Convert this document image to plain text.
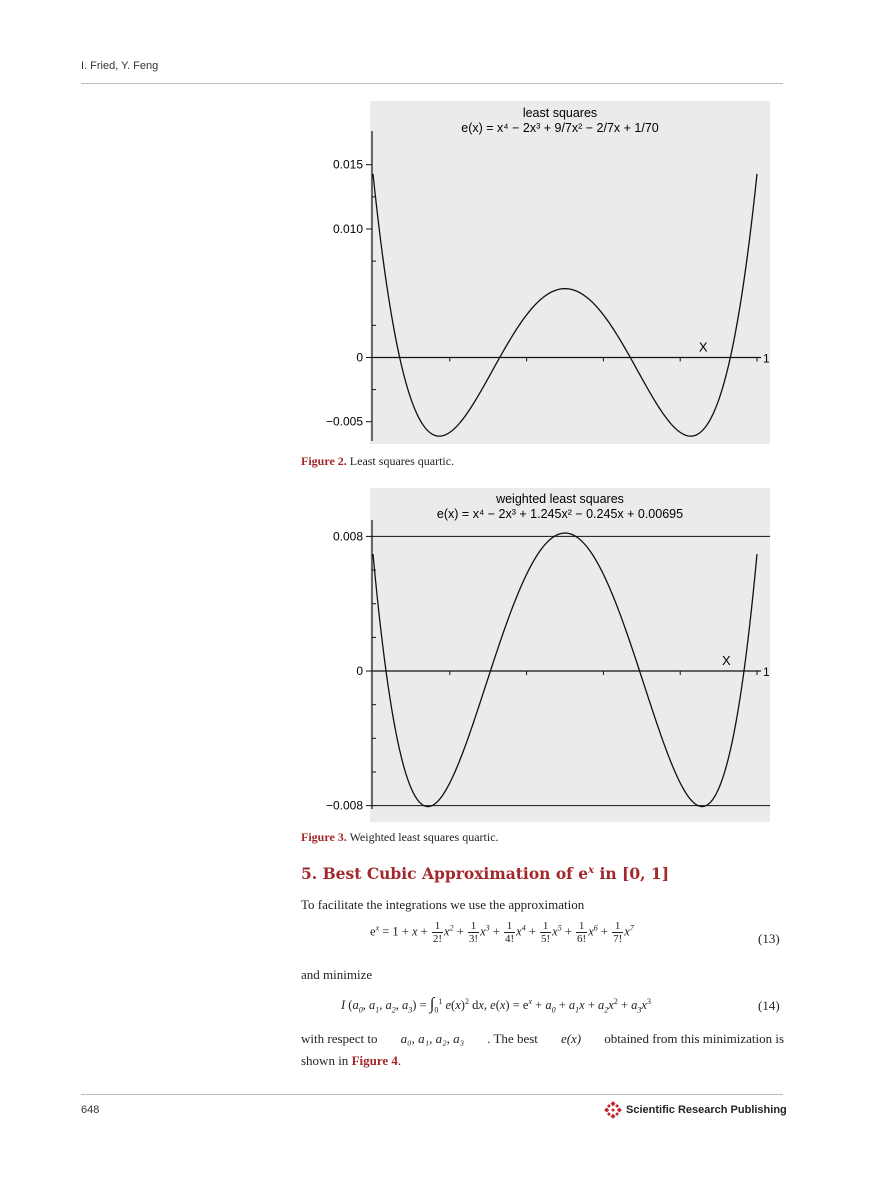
I. Fried, Y. Feng
least squares
e(x) = x⁴ − 2x³ + 9/7x² − 2/7x + 1/70
0.015
0.010
0
−0.005
1
X
Figure 2. Least squares quartic.
weighted least squares
e(x) = x⁴ − 2x³ + 1.245x² − 0.245x + 0.00695
0.008
0
−0.008
1
X
Figure 3. Weighted least squares quartic.
5. Best Cubic Approximation of $e^x$ in [0, 1]
To facilitate the integrations we use the approximation
$e^x = 1 + x + \frac{1}{2!} x^2 + \frac{1}{3!} x^3 + \frac{1}{4!} x^4 + \frac{1}{5!} x^5 + \frac{1}{6!} x^6 + \frac{1}{7!} x^7$
(13)
and minimize
I ($a_0$, $a_1$, $a_2$, $a_3) = \int_0^1$ $e(x)^2$ dx, $e(x) = e^x + a_0 + a_1x + a_2x^2 + a_3x^3$	(14)
with respect to a₀, a₁, a₂, a₃ . The best e(x) obtained from this minimization is
shown in Figure 4.
648	Scientific Research Publishing
